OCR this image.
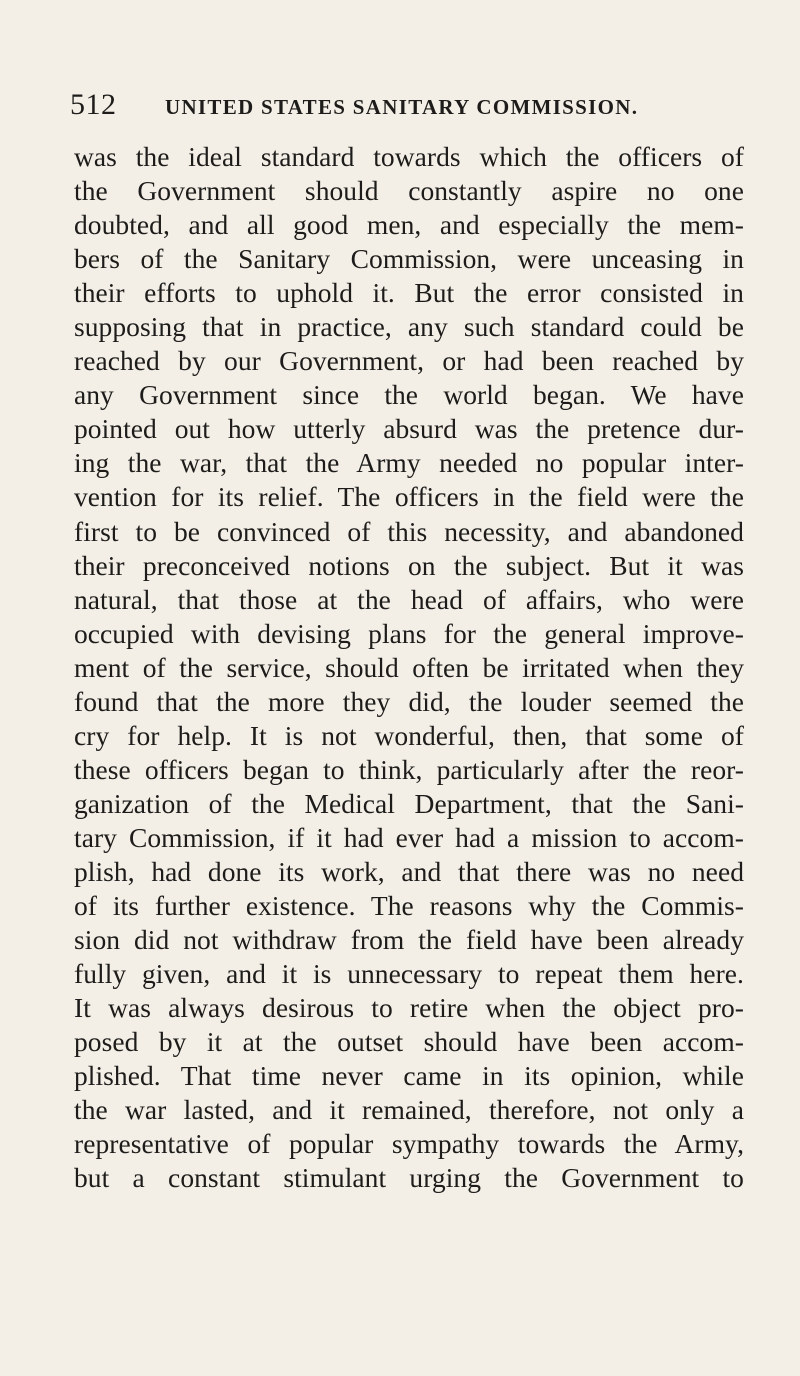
512	UNITED STATES SANITARY COMMISSION.
was the ideal standard towards which the officers of
the Government should constantly aspire no one
doubted, and all good men, and especially the mem-
bers of the Sanitary Commission, were unceasing in
their efforts to uphold it. But the error consisted in
supposing that in practice, any such standard could be
reached by our Government, or had been reached by
any Government since the world began. We have
pointed out how utterly absurd was the pretence dur-
ing the war, that the Army needed no popular inter-
vention for its relief. The officers in the field were the
first to be convinced of this necessity, and abandoned
their preconceived notions on the subject. But it was
natural, that those at the head of affairs, who were
occupied with devising plans for the general improve-
ment of the service, should often be irritated when they
found that the more they did, the louder seemed the
cry for help. It is not wonderful, then, that some of
these officers began to think, particularly after the reor-
ganization of the Medical Department, that the Sani-
tary Commission, if it had ever had a mission to accom-
plish, had done its work, and that there was no need
of its further existence. The reasons why the Commis-
sion did not withdraw from the field have been already
fully given, and it is unnecessary to repeat them here.
It was always desirous to retire when the object pro-
posed by it at the outset should have been accom-
plished. That time never came in its opinion, while
the war lasted, and it remained, therefore, not only a
representative of popular sympathy towards the Army,
but a constant stimulant urging the Government to
